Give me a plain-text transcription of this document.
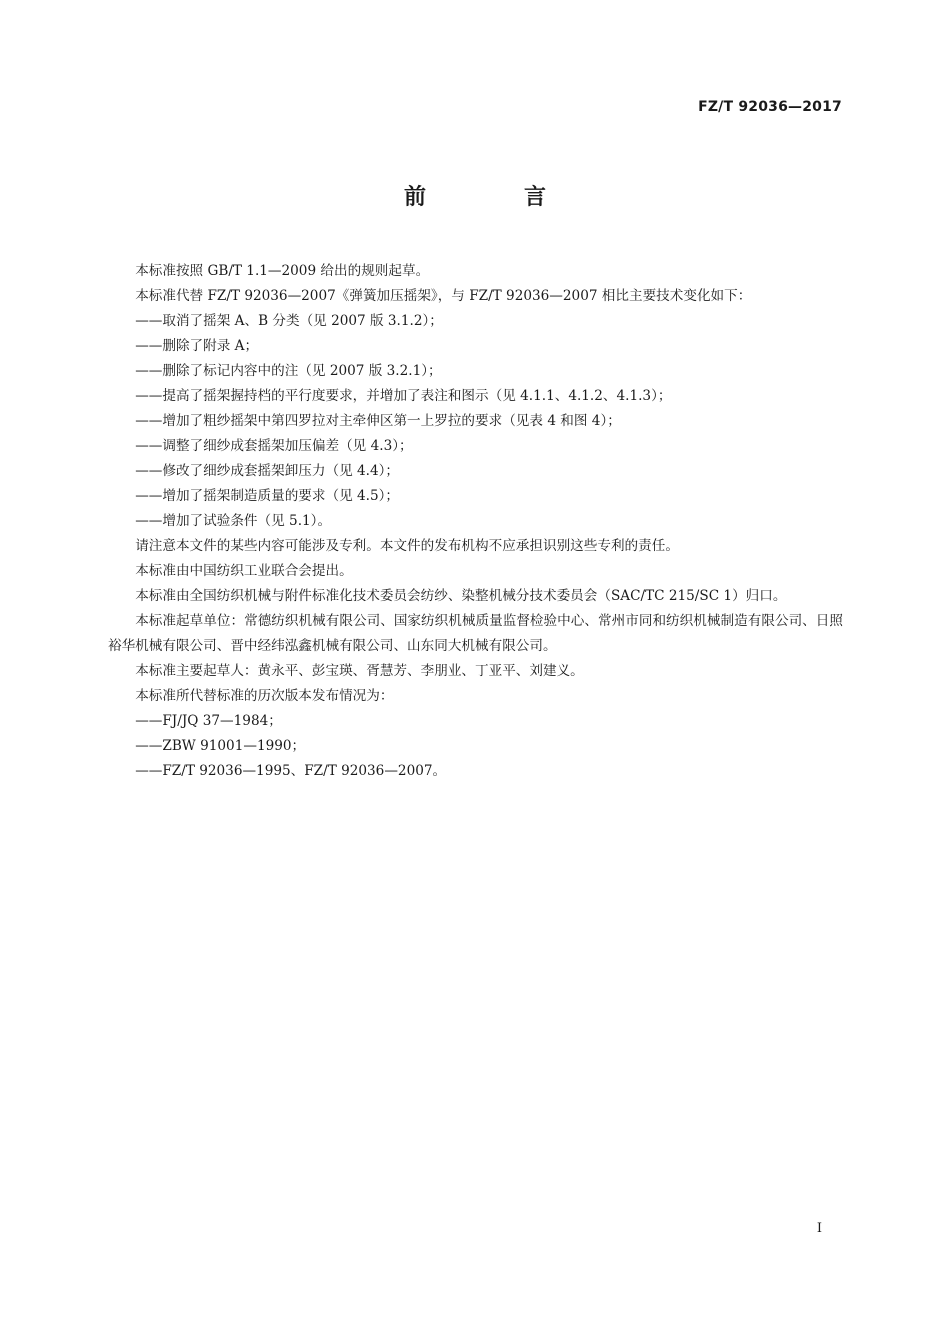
FZ/T 92036—2017
前　言

本标准按照 GB/T 1.1—2009 给出的规则起草。

本标准代替 FZ/T 92036—2007《弹簧加压摇架》，与 FZ/T 92036—2007 相比主要技术变化如下：

——取消了摇架 A、B 分类（见 2007 版 3.1.2）；

——删除了附录 A；

——删除了标记内容中的注（见 2007 版 3.2.1）；

——提高了摇架握持档的平行度要求，并增加了表注和图示（见 4.1.1、4.1.2、4.1.3）；

——增加了粗纱摇架中第四罗拉对主牵伸区第一上罗拉的要求（见表 4 和图 4）；

——调整了细纱成套摇架加压偏差（见 4.3）；

——修改了细纱成套摇架卸压力（见 4.4）；

——增加了摇架制造质量的要求（见 4.5）；

——增加了试验条件（见 5.1）。

请注意本文件的某些内容可能涉及专利。本文件的发布机构不应承担识别这些专利的责任。

本标准由中国纺织工业联合会提出。

本标准由全国纺织机械与附件标准化技术委员会纺纱、染整机械分技术委员会（SAC/TC 215/SC 1）归口。

本标准起草单位：常德纺织机械有限公司、国家纺织机械质量监督检验中心、常州市同和纺织机械制造有限公司、日照裕华机械有限公司、晋中经纬泓鑫机械有限公司、山东同大机械有限公司。

本标准主要起草人：黄永平、彭宝瑛、胥慧芳、李朋业、丁亚平、刘建义。

本标准所代替标准的历次版本发布情况为：

——FJ/JQ 37—1984；

——ZBW 91001—1990；

——FZ/T 92036—1995、FZ/T 92036—2007。

I
